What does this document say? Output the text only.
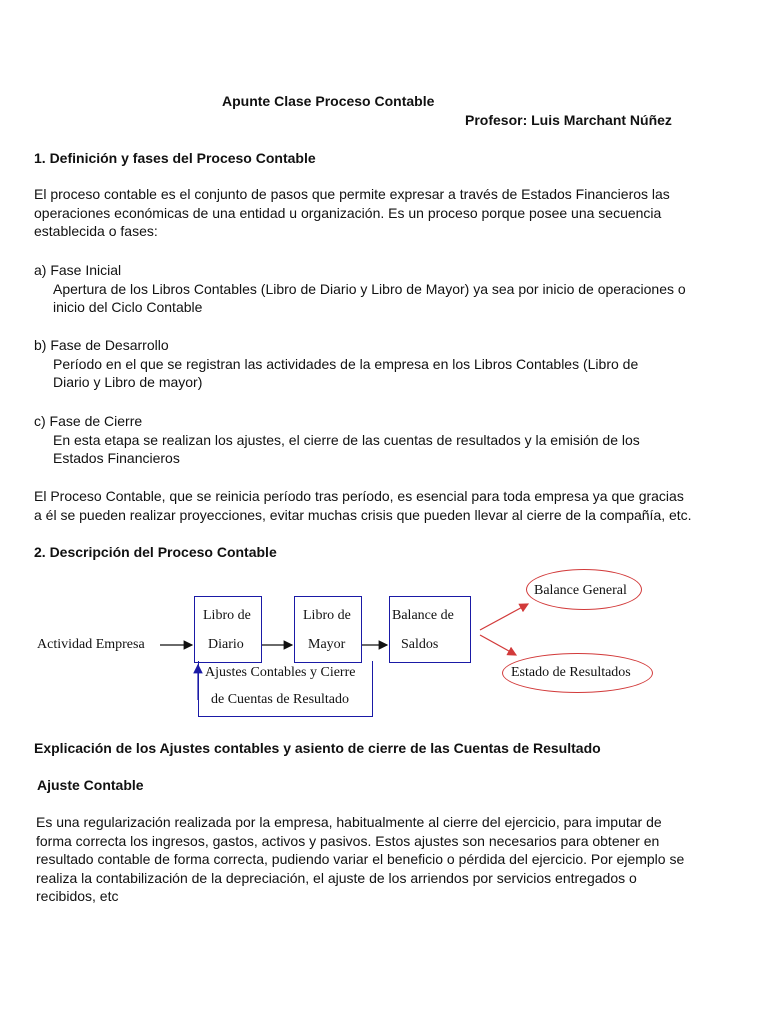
Apunte Clase Proceso Contable
Profesor: Luis Marchant Núñez
1. Definición y fases del Proceso Contable
El proceso contable es el conjunto de pasos que permite expresar a través de Estados Financieros las
operaciones económicas de una entidad u organización. Es un proceso porque posee una secuencia
establecida o fases:
a) Fase Inicial
Apertura de los Libros Contables (Libro de Diario y Libro de Mayor) ya sea por inicio de operaciones o
inicio del Ciclo Contable
b) Fase de Desarrollo
Período en el que se registran las actividades de la empresa en los Libros Contables (Libro de
Diario y Libro de mayor)
c) Fase de Cierre
En esta etapa se realizan los ajustes, el cierre de las cuentas de resultados y la emisión de los
Estados Financieros
El Proceso Contable, que se reinicia período tras período, es esencial para toda empresa ya que gracias
a él se pueden realizar proyecciones, evitar muchas crisis que pueden llevar al cierre de la compañía, etc.
2. Descripción del Proceso Contable
Actividad Empresa
Libro de
Diario
Libro de
Mayor
Balance de
Saldos
Balance General
Estado de Resultados
Ajustes Contables y Cierre
de Cuentas de Resultado
Explicación de los Ajustes contables y asiento de cierre de las Cuentas de Resultado
Ajuste Contable
Es una regularización realizada por la empresa, habitualmente al cierre del ejercicio, para imputar de
forma correcta los ingresos, gastos, activos y pasivos. Estos ajustes son necesarios para obtener en
resultado contable de forma correcta, pudiendo variar el beneficio o pérdida del ejercicio. Por ejemplo se
realiza la contabilización de la depreciación, el ajuste de los arriendos por servicios entregados o
recibidos, etc
